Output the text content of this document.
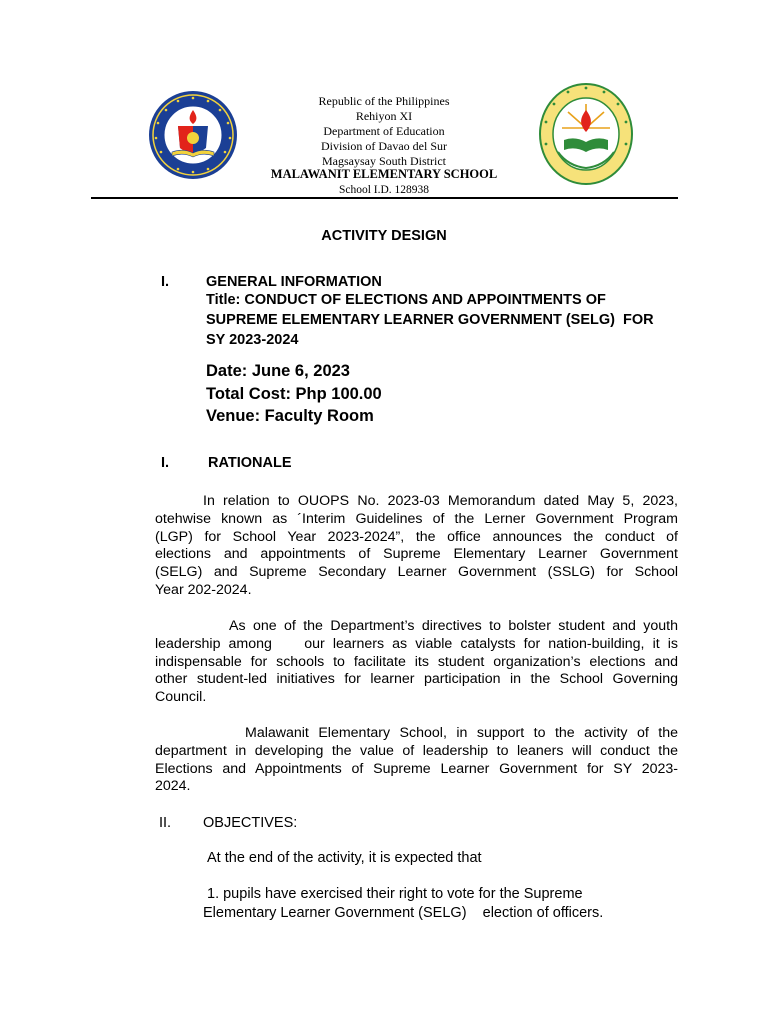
Republic of the Philippines
Rehiyon XI
Department of Education
Division of Davao del Sur
Magsaysay South District
MALAWANIT ELEMENTARY SCHOOL
School I.D. 128938
ACTIVITY DESIGN
I.	GENERAL INFORMATION
Title: CONDUCT OF ELECTIONS AND APPOINTMENTS OF
SUPREME ELEMENTARY LEARNER GOVERNMENT (SELG)  FOR
SY 2023-2024
Date: June 6, 2023
Total Cost: Php 100.00
Venue: Faculty Room
I.	RATIONALE
In relation to OUOPS No. 2023-03 Memorandum dated May 5, 2023,
otehwise known as ´Interim Guidelines of the Lerner Government Program
(LGP) for School Year 2023-2024”, the office announces the conduct of
elections and appointments of Supreme Elementary Learner Government
(SELG) and Supreme Secondary Learner Government (SSLG) for School
Year 202-2024.
As one of the Department’s directives to bolster student and youth
leadership among    our learners as viable catalysts for nation-building, it is
indispensable for schools to facilitate its student organization’s elections and
other student-led initiatives for learner participation in the School Governing
Council.
Malawanit Elementary School, in support to the activity of the
department in developing the value of leadership to leaners will conduct the
Elections and Appointments of Supreme Learner Government for SY 2023-
2024.
II. OBJECTIVES:
At the end of the activity, it is expected that
1. pupils have exercised their right to vote for the Supreme
Elementary Learner Government (SELG)    election of officers.
